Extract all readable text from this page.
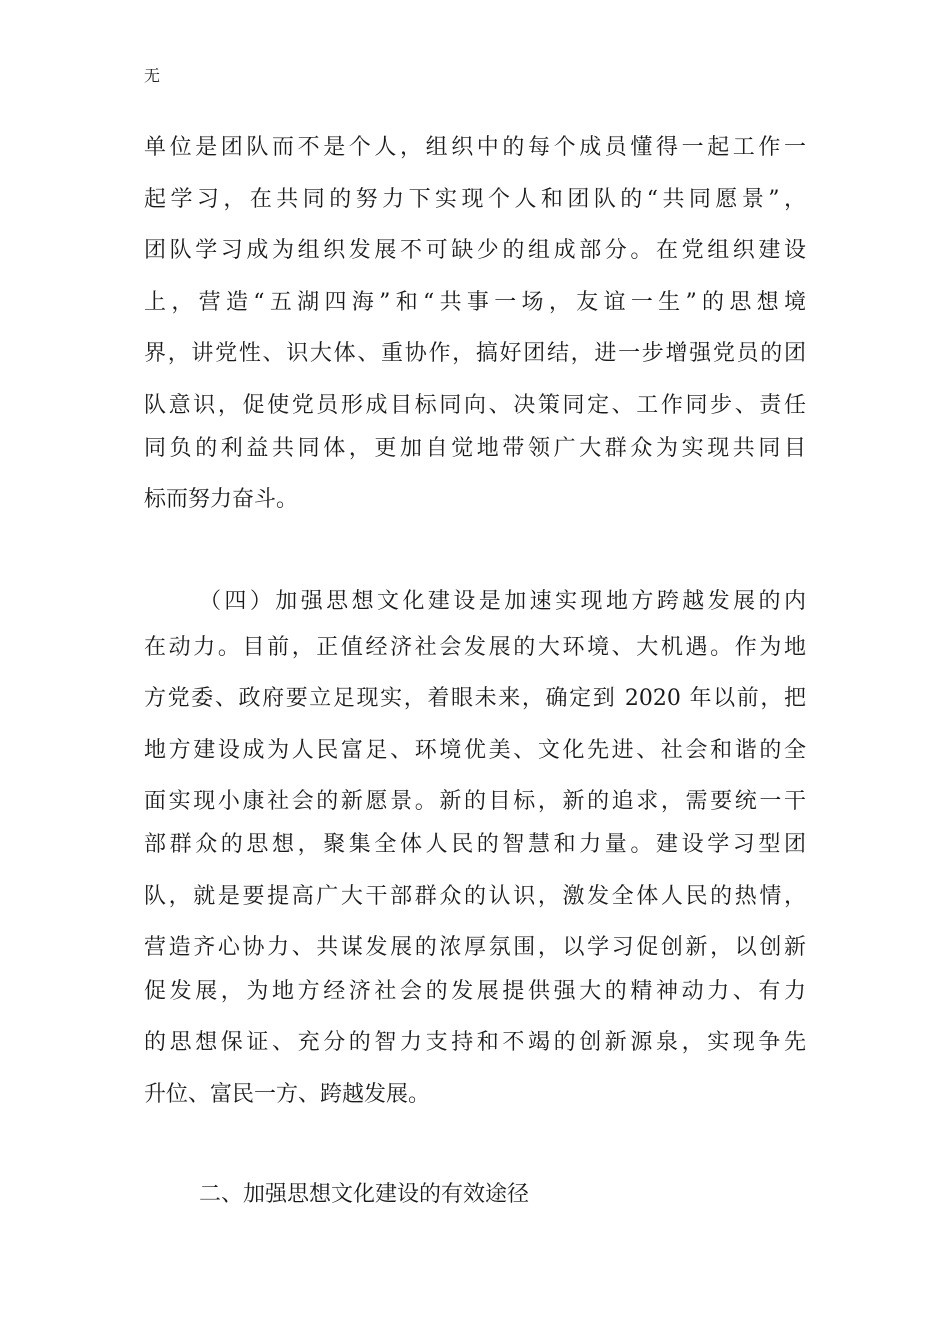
无
单位是团队而不是个人，组织中的每个成员懂得一起工作一
起学习，在共同的努力下实现个人和团队的“共同愿景”，
团队学习成为组织发展不可缺少的组成部分。在党组织建设
上，营造“五湖四海”和“共事一场，友谊一生”的思想境
界，讲党性、识大体、重协作，搞好团结，进一步增强党员的团
队意识，促使党员形成目标同向、决策同定、工作同步、责任
同负的利益共同体，更加自觉地带领广大群众为实现共同目
标而努力奋斗。
（四）加强思想文化建设是加速实现地方跨越发展的内
在动力。目前，正值经济社会发展的大环境、大机遇。作为地
方党委、政府要立足现实，着眼未来，确定到 2020 年以前，把
地方建设成为人民富足、环境优美、文化先进、社会和谐的全
面实现小康社会的新愿景。新的目标，新的追求，需要统一干
部群众的思想，聚集全体人民的智慧和力量。建设学习型团
队，就是要提高广大干部群众的认识，激发全体人民的热情，
营造齐心协力、共谋发展的浓厚氛围，以学习促创新，以创新
促发展，为地方经济社会的发展提供强大的精神动力、有力
的思想保证、充分的智力支持和不竭的创新源泉，实现争先
升位、富民一方、跨越发展。
二、加强思想文化建设的有效途径
